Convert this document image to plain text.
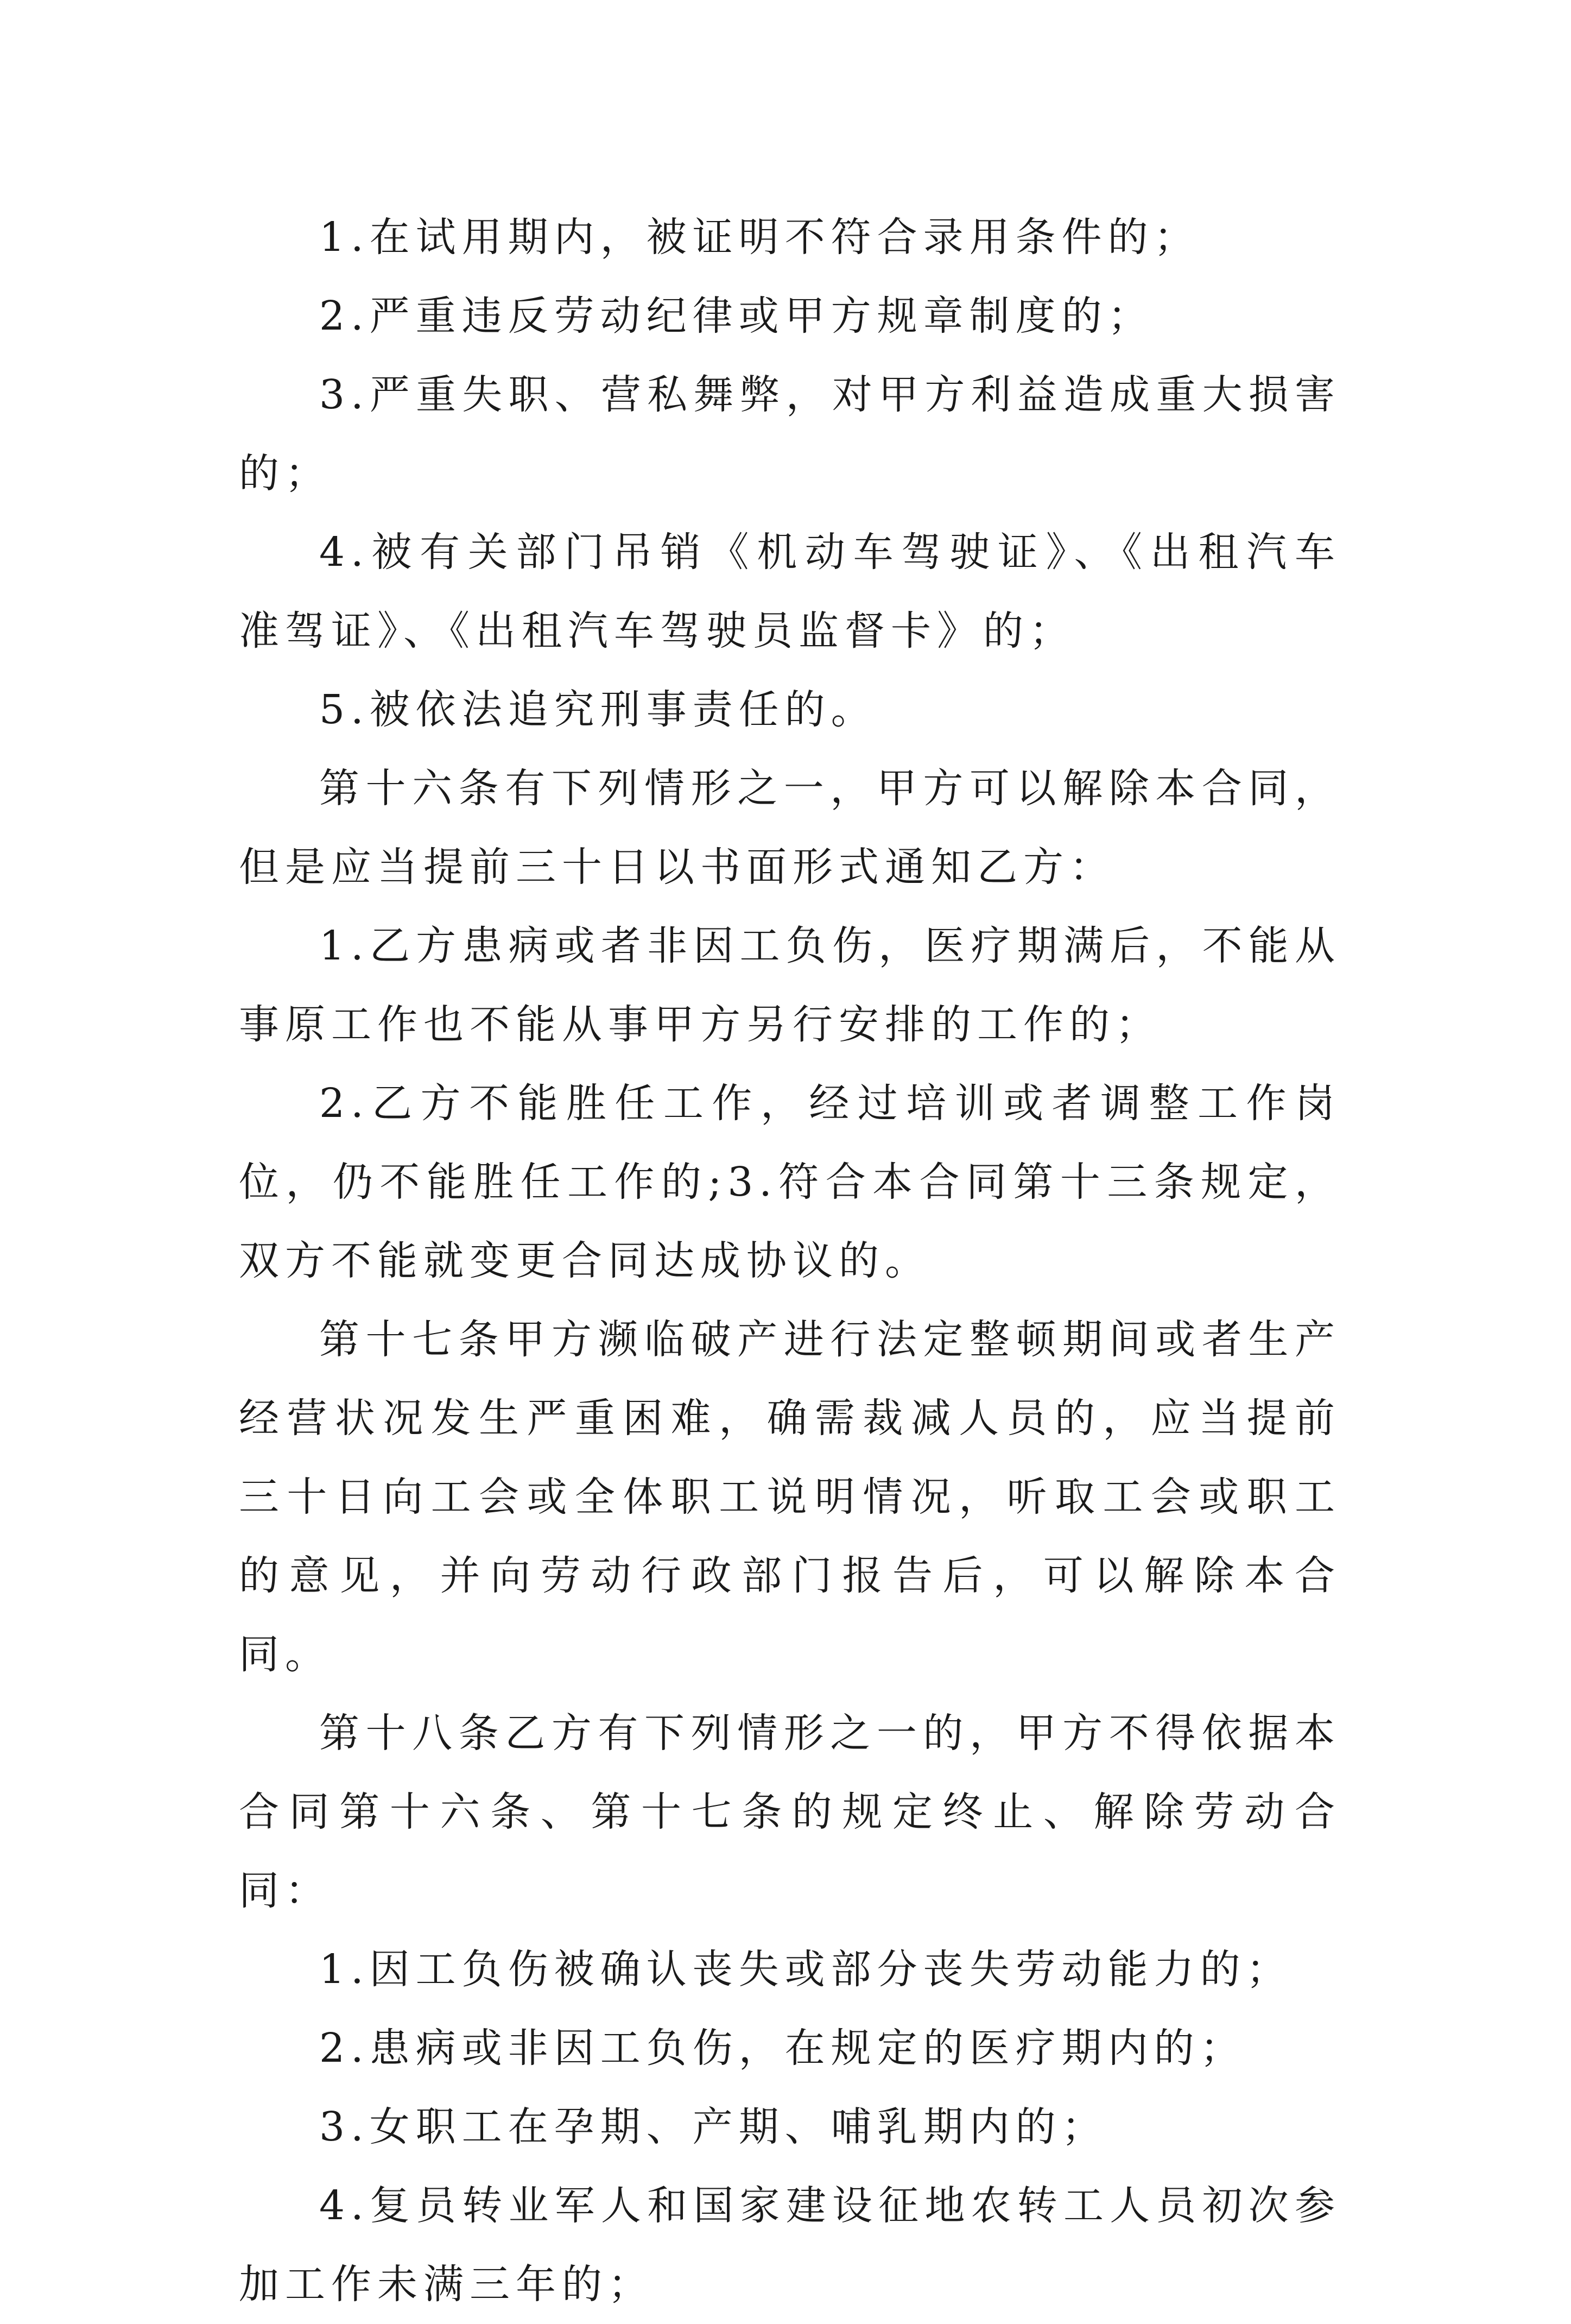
1.在试用期内，被证明不符合录用条件的；

2.严重违反劳动纪律或甲方规章制度的；

3.严重失职、营私舞弊，对甲方利益造成重大损害的；

4.被有关部门吊销《机动车驾驶证》、《出租汽车准驾证》、《出租汽车驾驶员监督卡》的；

5.被依法追究刑事责任的。

第十六条有下列情形之一，甲方可以解除本合同，但是应当提前三十日以书面形式通知乙方：

1.乙方患病或者非因工负伤，医疗期满后，不能从事原工作也不能从事甲方另行安排的工作的；

2.乙方不能胜任工作，经过培训或者调整工作岗位，仍不能胜任工作的;3.符合本合同第十三条规定，双方不能就变更合同达成协议的。

第十七条甲方濒临破产进行法定整顿期间或者生产经营状况发生严重困难，确需裁减人员的，应当提前三十日向工会或全体职工说明情况，听取工会或职工的意见，并向劳动行政部门报告后，可以解除本合同。

第十八条乙方有下列情形之一的，甲方不得依据本合同第十六条、第十七条的规定终止、解除劳动合同：

1.因工负伤被确认丧失或部分丧失劳动能力的；

2.患病或非因工负伤，在规定的医疗期内的；

3.女职工在孕期、产期、哺乳期内的；

4.复员转业军人和国家建设征地农转工人员初次参加工作未满三年的；
